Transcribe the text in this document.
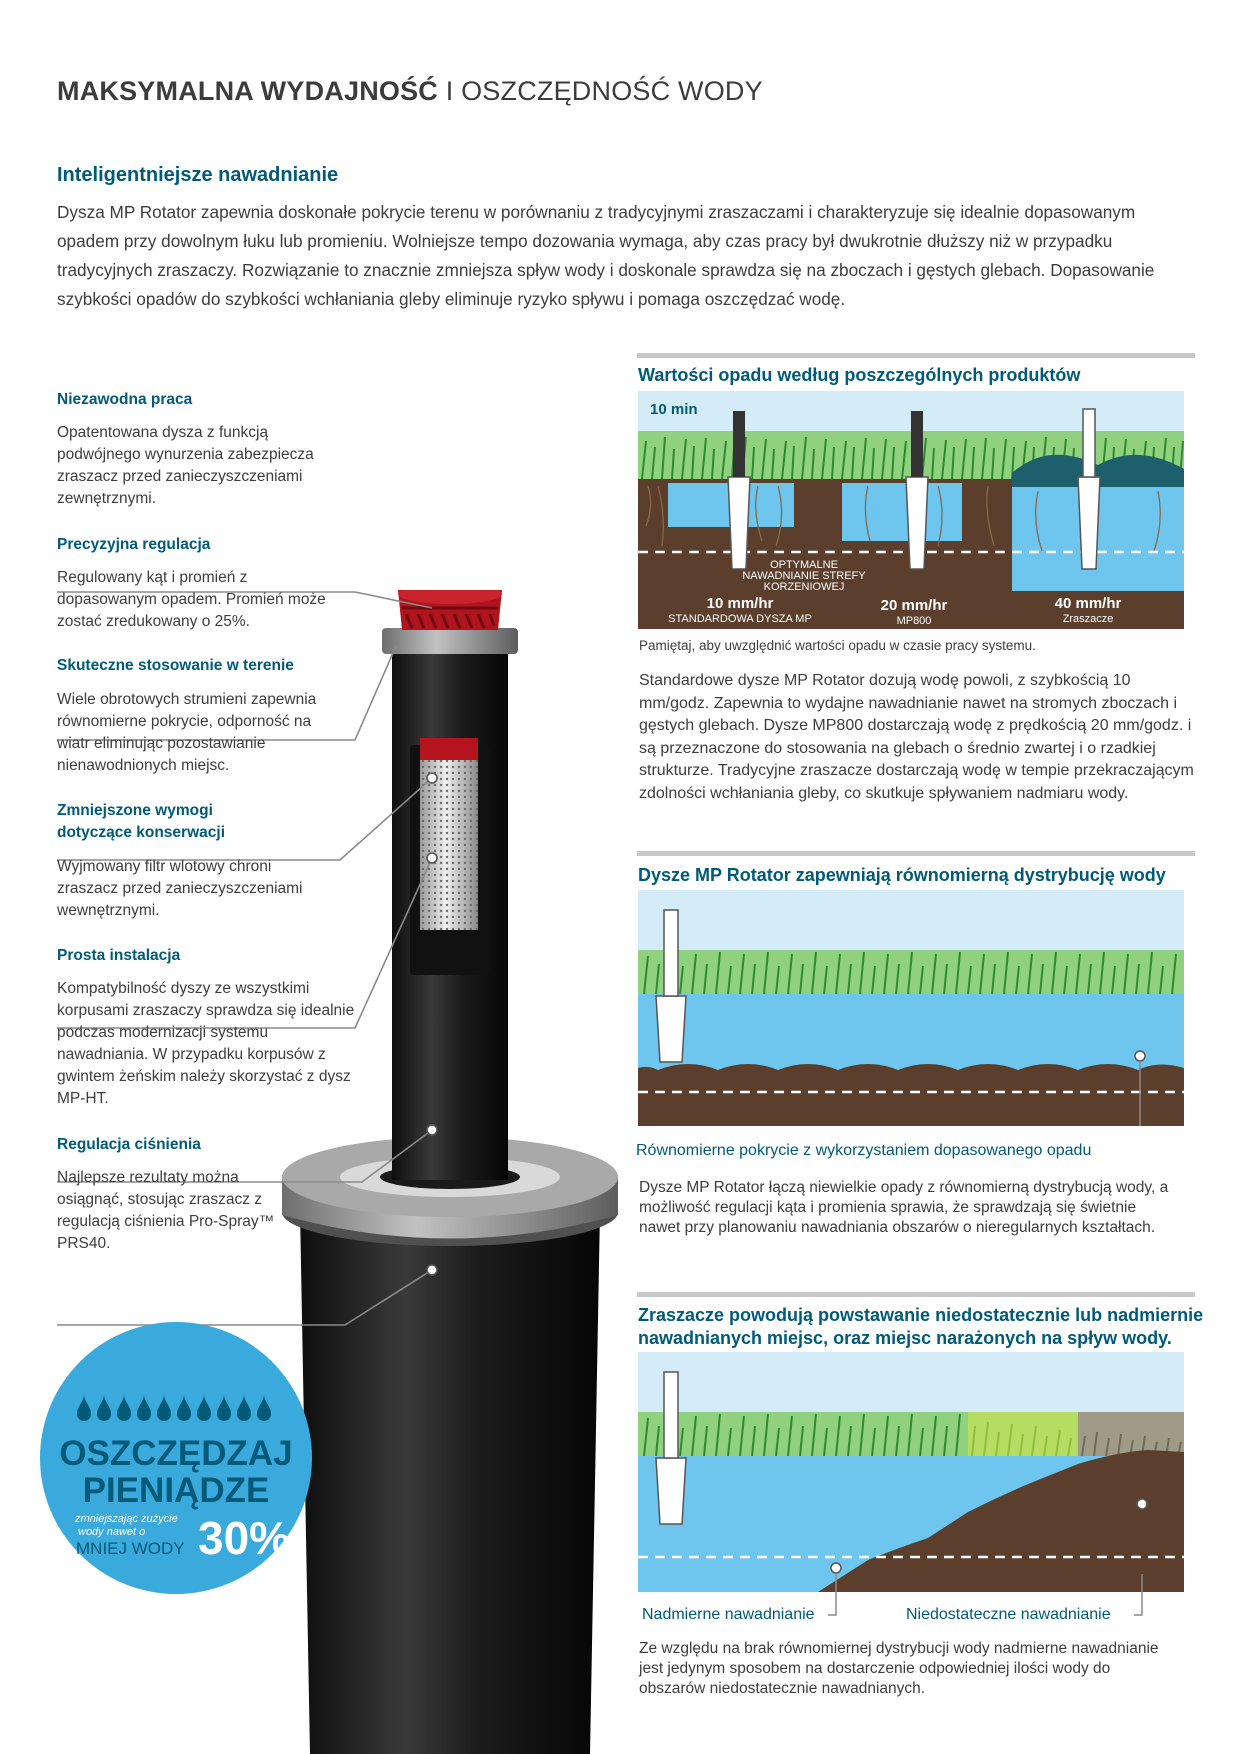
MAKSYMALNA WYDAJNOŚĆ I OSZCZĘDNOŚĆ WODY
Inteligentniejsze nawadnianie
Dysza MP Rotator zapewnia doskonałe pokrycie terenu w porównaniu z tradycyjnymi zraszaczami i charakteryzuje się idealnie dopasowanym opadem przy dowolnym łuku lub promieniu. Wolniejsze tempo dozowania wymaga, aby czas pracy był dwukrotnie dłuższy niż w przypadku tradycyjnych zraszaczy. Rozwiązanie to znacznie zmniejsza spływ wody i doskonale sprawdza się na zboczach i gęstych glebach. Dopasowanie szybkości opadów do szybkości wchłaniania gleby eliminuje ryzyko spływu i pomaga oszczędzać wodę.
Niezawodna praca
Opatentowana dysza z funkcją podwójnego wynurzenia zabezpiecza zraszacz przed zanieczyszczeniami zewnętrznymi.
Precyzyjna regulacja
Regulowany kąt i promień z dopasowanym opadem. Promień może zostać zredukowany o 25%.
Skuteczne stosowanie w terenie
Wiele obrotowych strumieni zapewnia równomierne pokrycie, odporność na wiatr eliminując pozostawianie nienawodnionych miejsc.
Zmniejszone wymogi dotyczące konserwacji
Wyjmowany filtr wlotowy chroni zraszacz przed zanieczyszczeniami wewnętrznymi.
Prosta instalacja
Kompatybilność dyszy ze wszystkimi korpusami zraszaczy sprawdza się idealnie podczas modernizacji systemu nawadniania. W przypadku korpusów z gwintem żeńskim należy skorzystać z dysz MP-HT.
Regulacja ciśnienia
Najlepsze rezultaty można osiągnąć, stosując zraszacz z regulacją ciśnienia Pro-Spray™ PRS40.
OSZCZĘDZAJ
PIENIĄDZE
zmniejszając zużycie
wody nawet o
MNIEJ WODY 30%
Wartości opadu według poszczególnych produktów
10 min
OPTYMALNE
NAWADNIANIE STREFY
KORZENIOWEJ
10 mm/hr
STANDARDOWA DYSZA MP
20 mm/hr
MP800
40 mm/hr
Zraszacze
Pamiętaj, aby uwzględnić wartości opadu w czasie pracy systemu.
Standardowe dysze MP Rotator dozują wodę powoli, z szybkością 10 mm/godz. Zapewnia to wydajne nawadnianie nawet na stromych zboczach i gęstych glebach. Dysze MP800 dostarczają wodę z prędkością 20 mm/godz. i są przeznaczone do stosowania na glebach o średnio zwartej i o rzadkiej strukturze. Tradycyjne zraszacze dostarczają wodę w tempie przekraczającym zdolności wchłaniania gleby, co skutkuje spływaniem nadmiaru wody.
Dysze MP Rotator zapewniają równomierną dystrybucję wody
Równomierne pokrycie z wykorzystaniem dopasowanego opadu
Dysze MP Rotator łączą niewielkie opady z równomierną dystrybucją wody, a możliwość regulacji kąta i promienia sprawia, że sprawdzają się świetnie nawet przy planowaniu nawadniania obszarów o nieregularnych kształtach.
Zraszacze powodują powstawanie niedostatecznie lub nadmiernie
nawadnianych miejsc, oraz miejsc narażonych na spływ wody.
Nadmierne nawadnianie	Niedostateczne nawadnianie
Ze względu na brak równomiernej dystrybucji wody nadmierne nawadnianie jest jedynym sposobem na dostarczenie odpowiedniej ilości wody do obszarów niedostatecznie nawadnianych.
